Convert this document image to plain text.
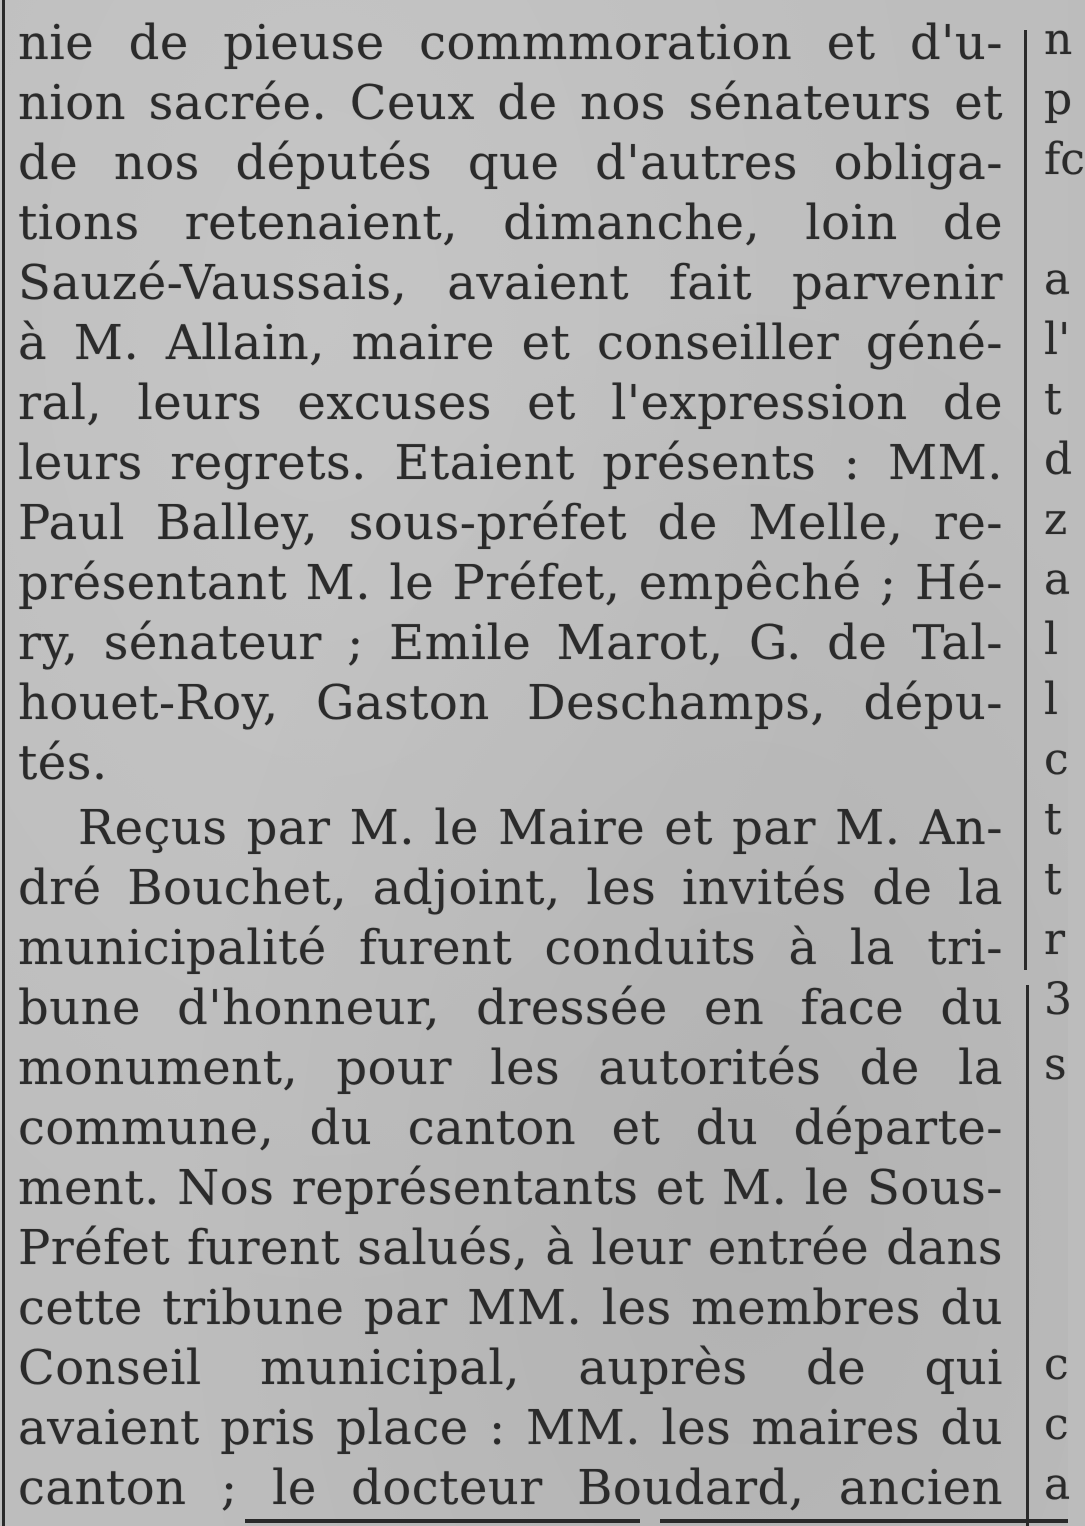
nie de pieuse commmoration et d'u-
nion sacrée. Ceux de nos sénateurs et
de nos députés que d'autres obliga-
tions retenaient, dimanche, loin de
Sauzé-Vaussais, avaient fait parvenir
à M. Allain, maire et conseiller géné-
ral, leurs excuses et l'expression de
leurs regrets. Etaient présents : MM.
Paul Balley, sous-préfet de Melle, re-
présentant M. le Préfet, empêché ; Hé-
ry, sénateur ; Emile Marot, G. de Tal-
houet-Roy, Gaston Deschamps, dépu-
tés.
Reçus par M. le Maire et par M. An-
dré Bouchet, adjoint, les invités de la
municipalité furent conduits à la tri-
bune d'honneur, dressée en face du
monument, pour les autorités de la
commune, du canton et du départe-
ment. Nos représentants et M. le Sous-
Préfet furent salués, à leur entrée dans
cette tribune par MM. les membres du
Conseil municipal, auprès de qui
avaient pris place : MM. les maires du
canton ; le docteur Boudard, ancien
n
p
fc
a
l'
t
d
z
a
l
l
c
t
t
r
3
s
c
c
a
